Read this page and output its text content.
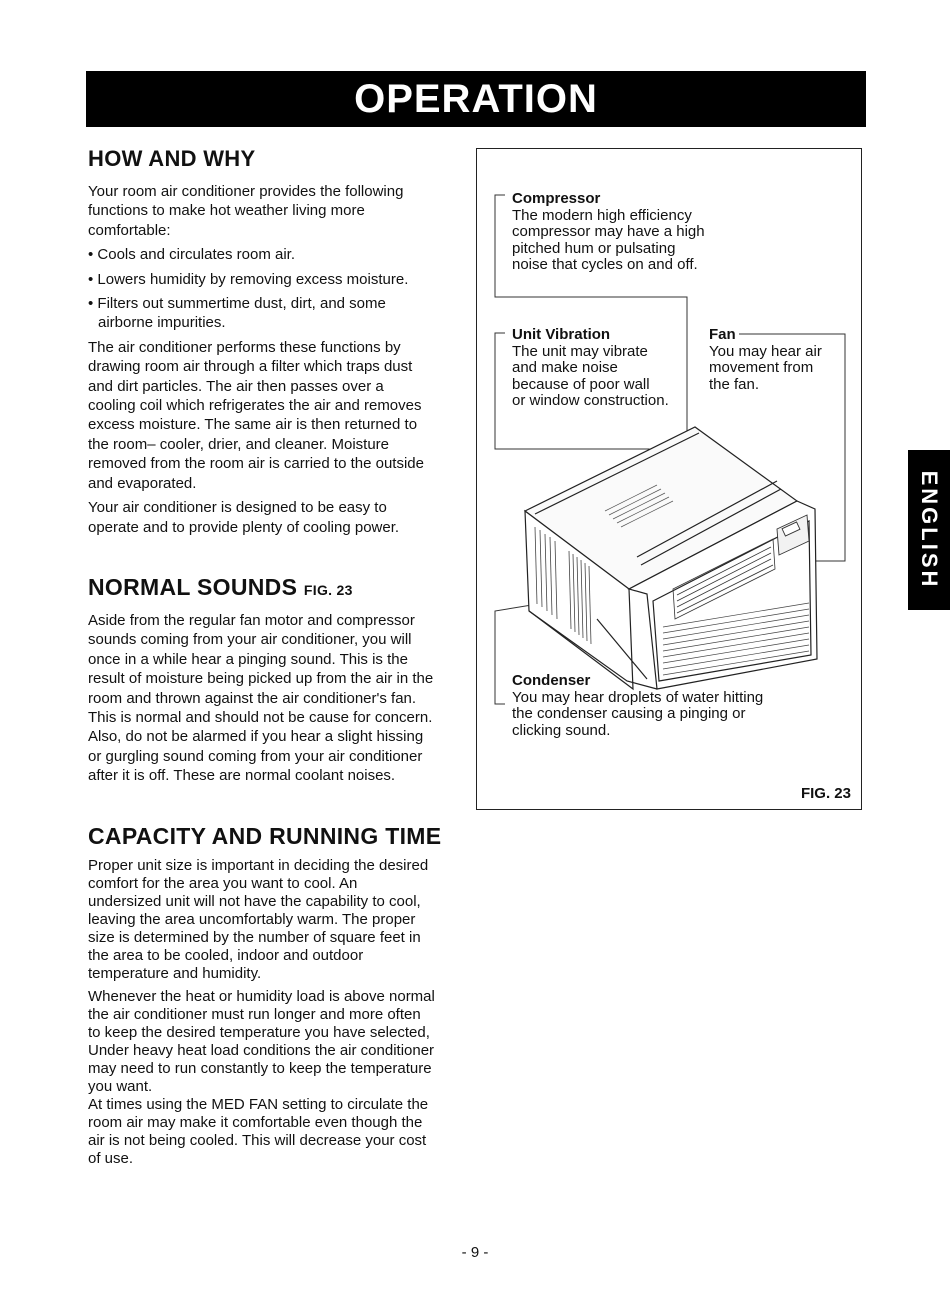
OPERATION
ENGLISH
HOW AND WHY

Your room air conditioner provides the following

functions to make hot weather living more

comfortable:

• Cools and circulates room air.

• Lowers humidity by removing excess moisture.

• Filters out summertime dust, dirt, and some

airborne impurities.

The air conditioner performs these functions by

drawing room air through a filter which traps dust

and dirt particles. The air then passes over a

cooling coil which refrigerates the air and removes

excess moisture. The same air is then returned to

the room– cooler, drier, and cleaner. Moisture

removed from the room air is carried to the outside

and evaporated.

Your air conditioner is designed to be easy to

operate and to provide plenty of cooling power.

NORMAL SOUNDS FIG. 23

Aside from the regular fan motor and compressor

sounds coming from your air conditioner, you will

once in a while hear a pinging sound. This is the

result of moisture being picked up from the air in the

room and thrown against the air conditioner's fan.

This is normal and should not be cause for concern.

Also, do not be alarmed if you hear a slight hissing

or gurgling sound coming from your air conditioner

after it is off. These are normal coolant noises.

CAPACITY AND RUNNING TIME

Proper unit size is important in deciding the desired

comfort for the area you want to cool. An

undersized unit will not have the capability to cool,

leaving the area uncomfortably warm. The proper

size is determined by the number of square feet in

the area to be cooled, indoor and outdoor

temperature and humidity.

Whenever the heat or humidity load is above normal

the air conditioner must run longer and more often

to keep the desired temperature you have selected,

Under heavy heat load conditions the air conditioner

may need to run constantly to keep the temperature

you want.

At times using the MED FAN setting to circulate the

room air may make it comfortable even though the

air is not being cooled. This will decrease your cost

of use.

Compressor
The modern high efficiency
compressor may have a high
pitched hum or pulsating
noise that cycles on and off.
Unit Vibration
The unit may vibrate
and make noise
because of poor wall
or window construction.
Fan
You may hear air
movement from
the fan.
Condenser
You may hear droplets of water hitting
the condenser causing a pinging or
clicking sound.
FIG. 23
- 9 -
